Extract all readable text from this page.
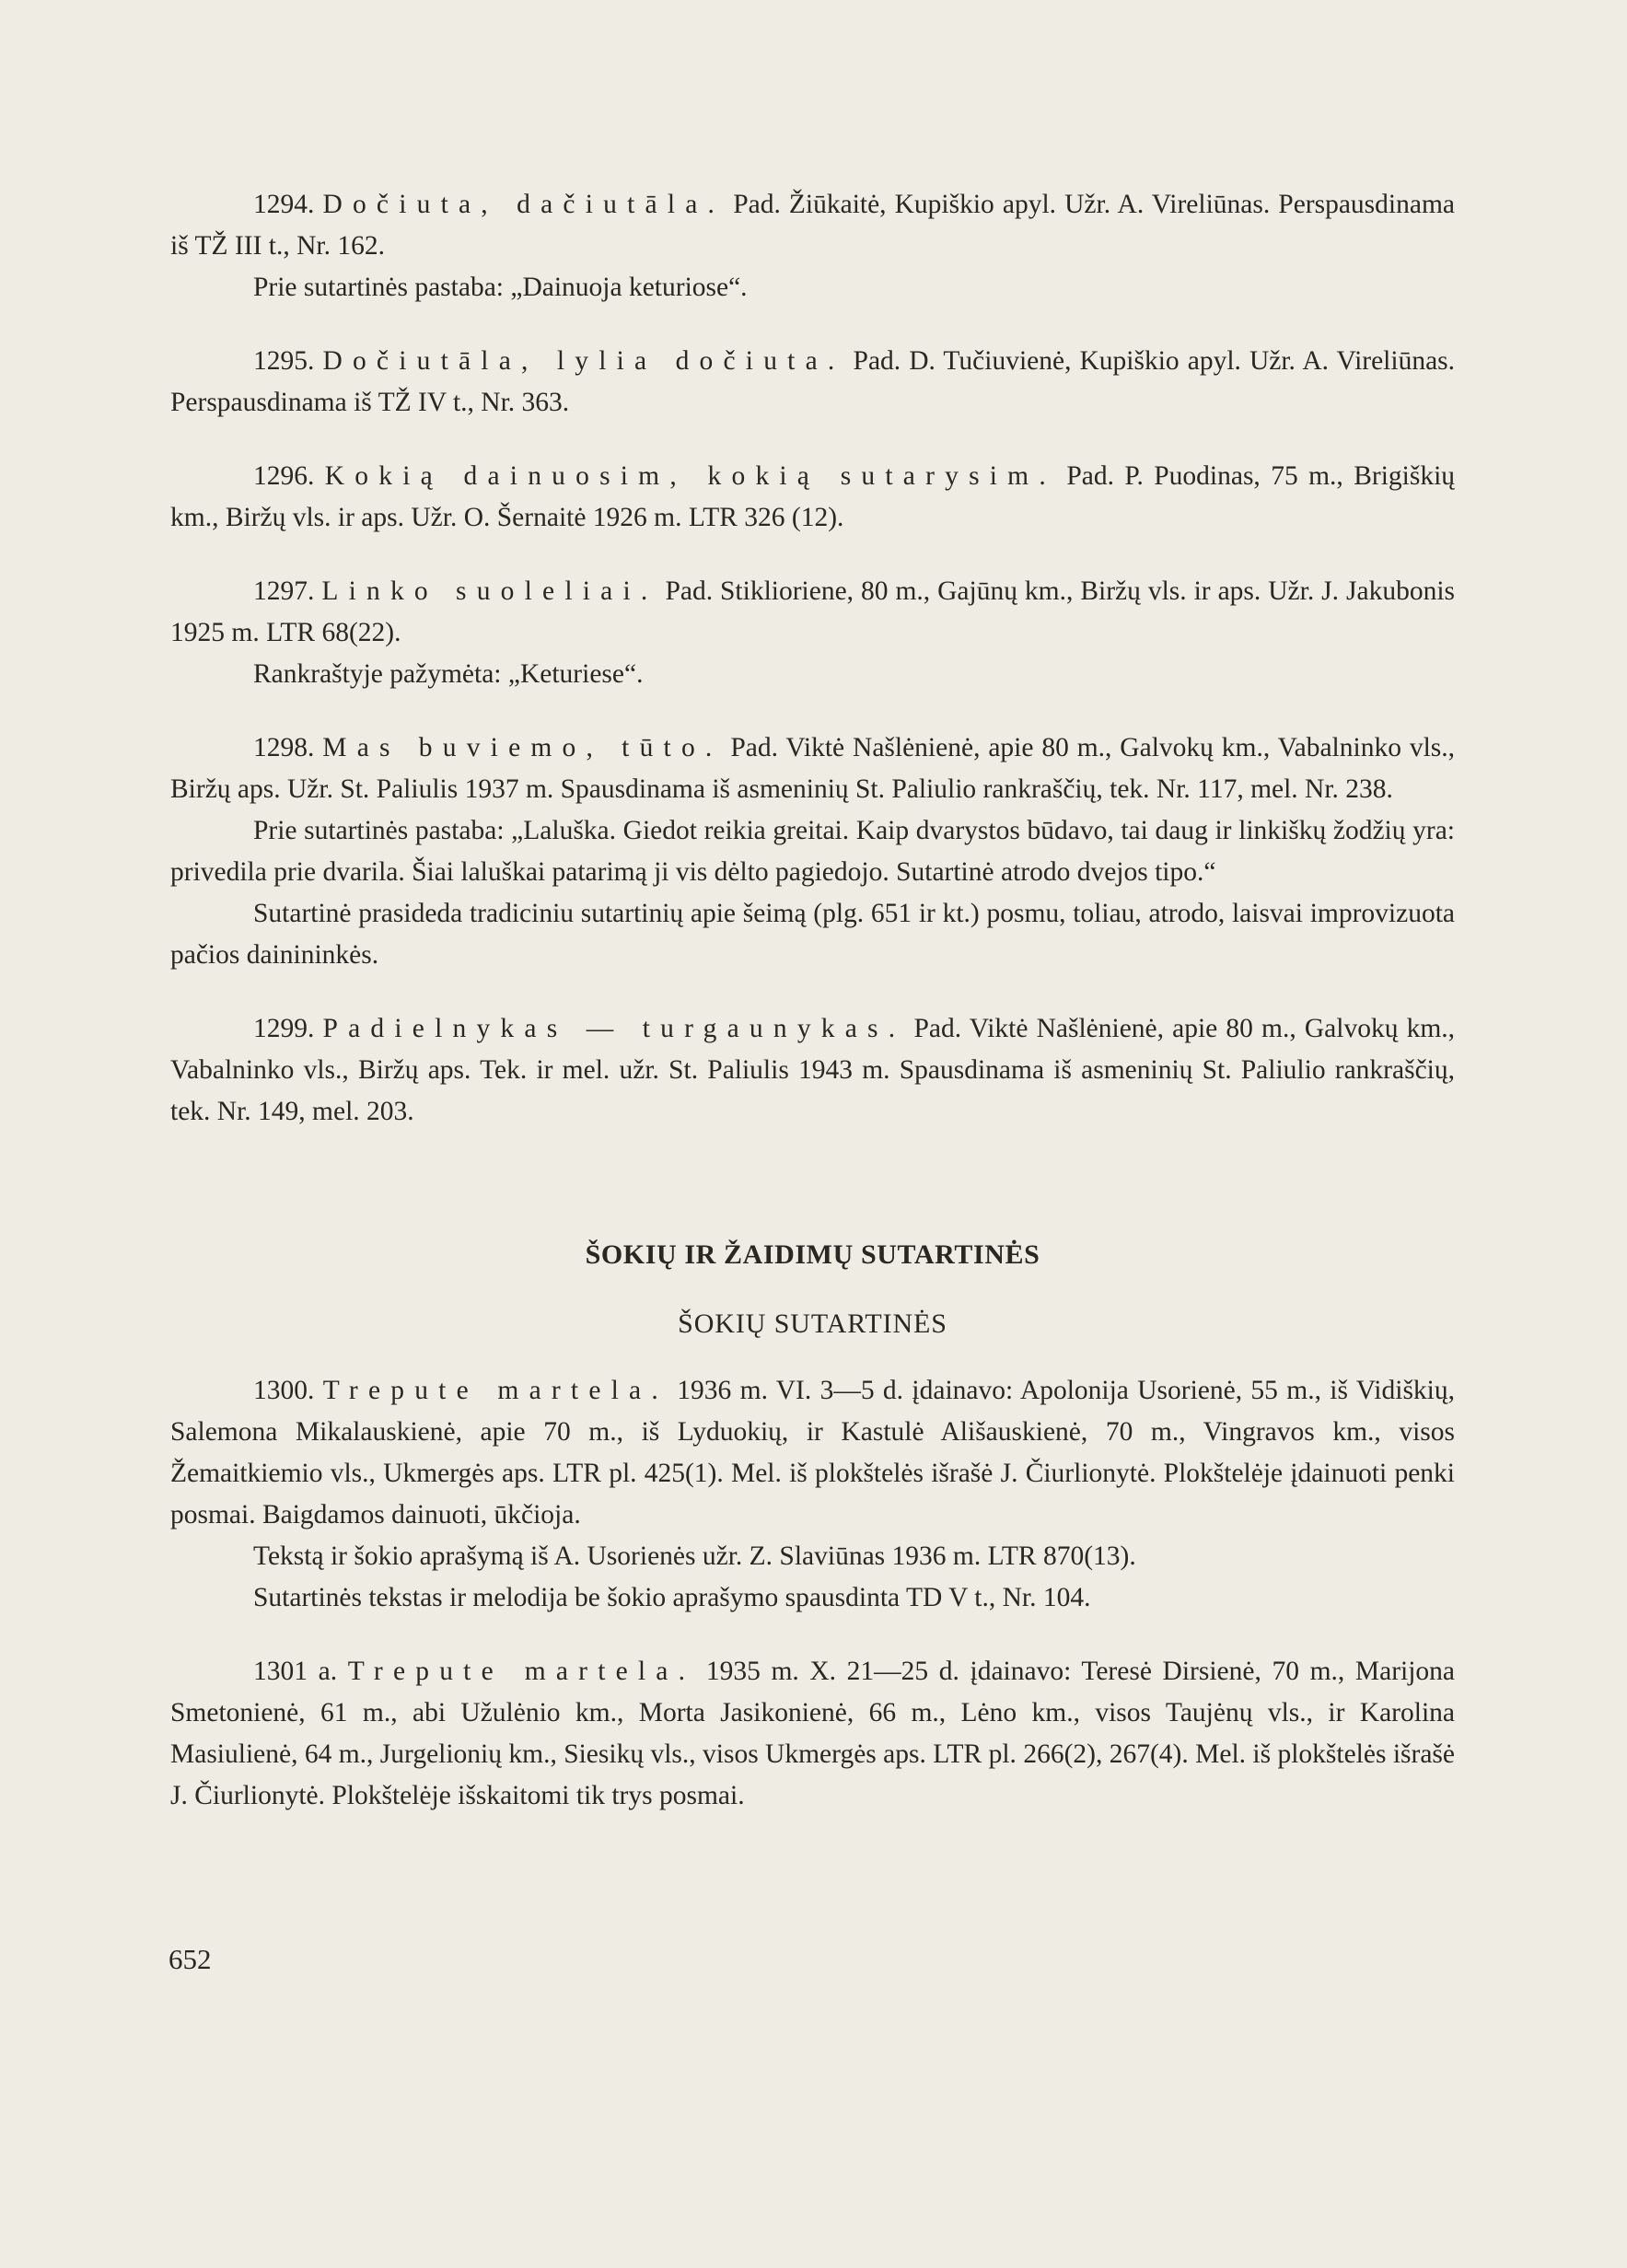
1294. Dočiuta, dačiutāla. Pad. Žiūkaitė, Kupiškio apyl. Užr. A. Vireliūnas. Perspausdinama iš TŽ III t., Nr. 162.

Prie sutartinės pastaba: „Dainuoja keturiose“.

1295. Dočiutāla, lylia dočiuta. Pad. D. Tučiuvienė, Kupiškio apyl. Užr. A. Vireliūnas. Perspausdinama iš TŽ IV t., Nr. 363.

1296. Kokią dainuosim, kokią sutarysim. Pad. P. Puodinas, 75 m., Brigiškių km., Biržų vls. ir aps. Užr. O. Šernaitė 1926 m. LTR 326 (12).

1297. Linko suoleliai. Pad. Stiklioriene, 80 m., Gajūnų km., Biržų vls. ir aps. Užr. J. Jakubonis 1925 m. LTR 68(22).

Rankraštyje pažymėta: „Keturiese“.

1298. Mas buviemo, tūto. Pad. Viktė Našlėnienė, apie 80 m., Galvokų km., Vabalninko vls., Biržų aps. Užr. St. Paliulis 1937 m. Spausdinama iš asmeninių St. Paliulio rankraščių, tek. Nr. 117, mel. Nr. 238.

Prie sutartinės pastaba: „Laluška. Giedot reikia greitai. Kaip dvarystos būdavo, tai daug ir linkiškų žodžių yra: privedila prie dvarila. Šiai laluškai patarimą ji vis dėlto pagiedojo. Sutartinė atrodo dvejos tipo.“

Sutartinė prasideda tradiciniu sutartinių apie šeimą (plg. 651 ir kt.) posmu, toliau, atrodo, laisvai improvizuota pačios dainininkės.

1299. Padielnykas — turgaunykas. Pad. Viktė Našlėnienė, apie 80 m., Galvokų km., Vabalninko vls., Biržų aps. Tek. ir mel. užr. St. Paliulis 1943 m. Spausdinama iš asmeninių St. Paliulio rankraščių, tek. Nr. 149, mel. 203.

ŠOKIŲ IR ŽAIDIMŲ SUTARTINĖS
ŠOKIŲ SUTARTINĖS

1300. Trepute martela. 1936 m. VI. 3—5 d. įdainavo: Apolonija Usorienė, 55 m., iš Vidiškių, Salemona Mikalauskienė, apie 70 m., iš Lyduokių, ir Kastulė Ališauskienė, 70 m., Vingravos km., visos Žemaitkiemio vls., Ukmergės aps. LTR pl. 425(1). Mel. iš plokštelės išrašė J. Čiurlionytė. Plokštelėje įdainuoti penki posmai. Baigdamos dainuoti, ūkčioja.

Tekstą ir šokio aprašymą iš A. Usorienės užr. Z. Slaviūnas 1936 m. LTR 870(13).

Sutartinės tekstas ir melodija be šokio aprašymo spausdinta TD V t., Nr. 104.

1301 a. Trepute martela. 1935 m. X. 21—25 d. įdainavo: Teresė Dirsienė, 70 m., Marijona Smetonienė, 61 m., abi Užulėnio km., Morta Jasikonienė, 66 m., Lėno km., visos Taujėnų vls., ir Karolina Masiulienė, 64 m., Jurgelionių km., Siesikų vls., visos Ukmergės aps. LTR pl. 266(2), 267(4). Mel. iš plokštelės išrašė J. Čiurlionytė. Plokštelėje išskaitomi tik trys posmai.

652
